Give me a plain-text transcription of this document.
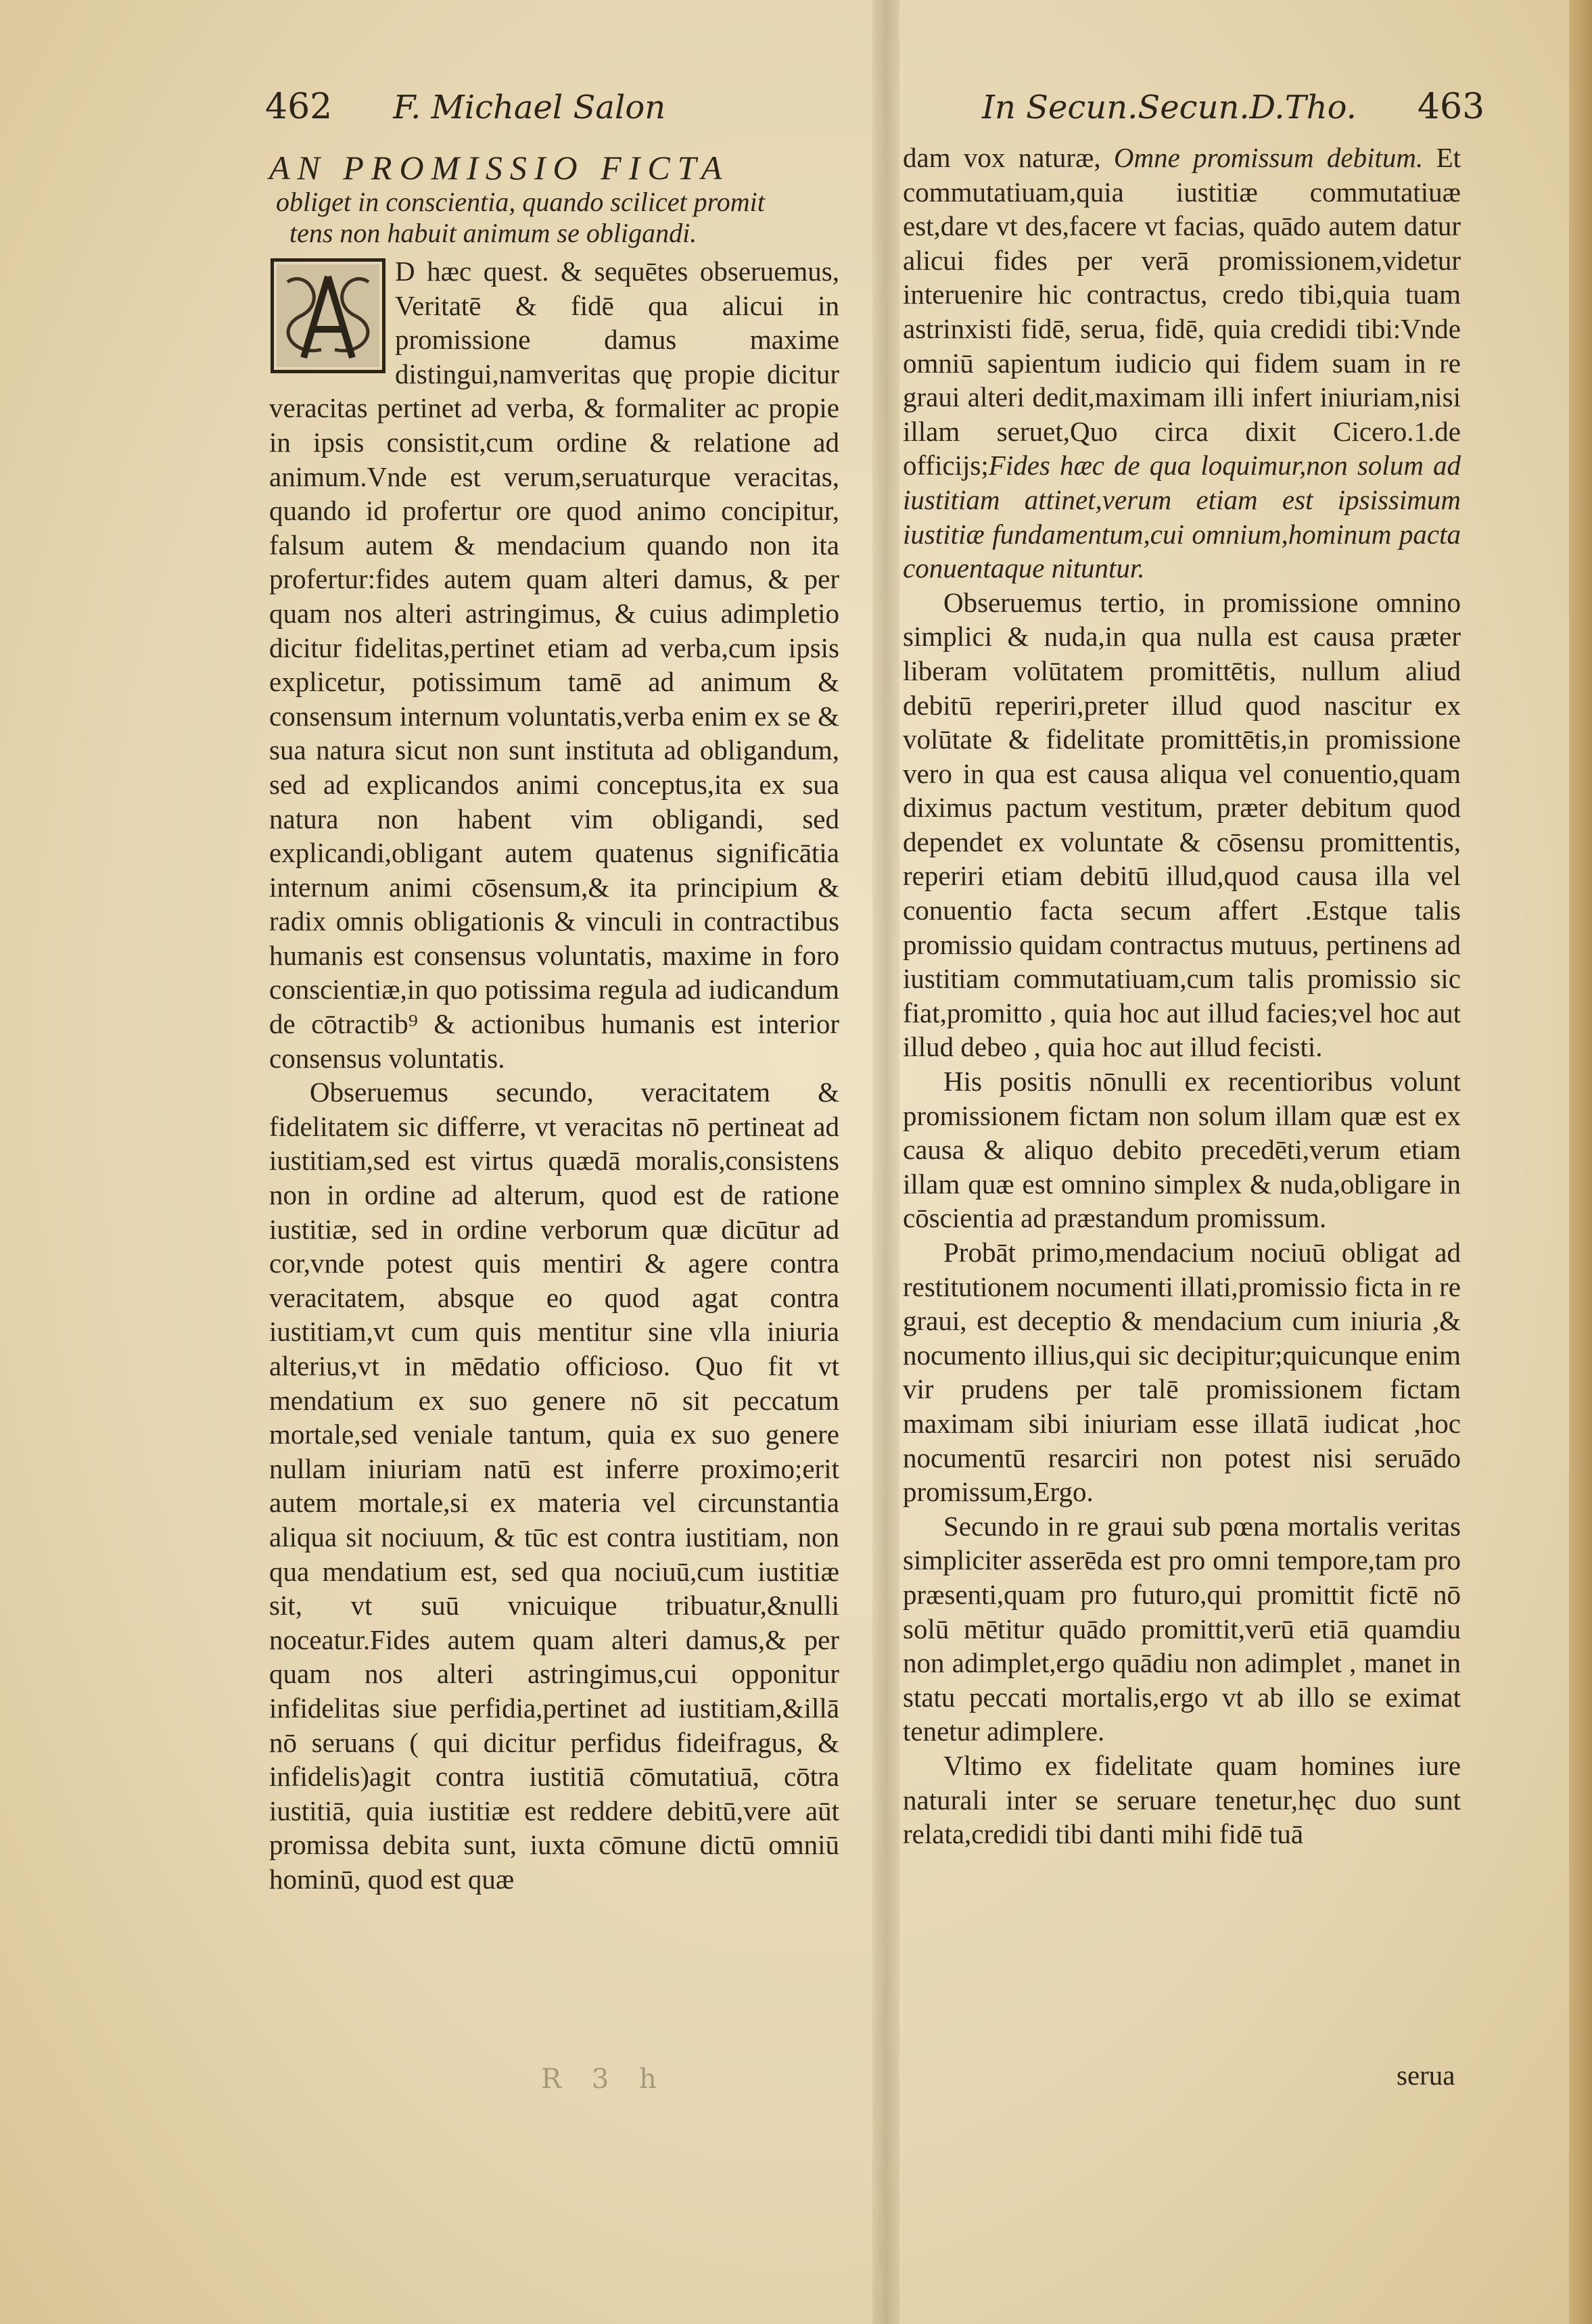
462 F. Michael Salon	In Secun.Secun.D.Tho. 463
AN PROMISSIO FICTA
obliget in conscientia, quando scilicet promit
tens non habuit animum se obligandi.

D hæc quest. & sequētes obseruemus, Veritatē & fidē qua alicui in promissione damus maxime distingui,namveritas quę propie dicitur veracitas pertinet ad verba, & formaliter ac propie in ipsis consistit,cum ordine & relatione ad animum.Vnde est verum,seruaturque veracitas, quando id profertur ore quod animo concipitur, falsum autem & mendacium quando non ita profertur:fides autem quam alteri damus, & per quam nos alteri astringimus, & cuius adimpletio dicitur fidelitas,pertinet etiam ad verba,cum ipsis explicetur, potissimum tamē ad animum & consensum internum voluntatis,verba enim ex se & sua natura sicut non sunt instituta ad obligandum, sed ad explicandos animi conceptus,ita ex sua natura non habent vim obligandi, sed explicandi,obligant autem quatenus significātia internum animi cōsensum,& ita principium & radix omnis obligationis & vinculi in contractibus humanis est consensus voluntatis, maxime in foro conscientiæ,in quo potissima regula ad iudicandum de cōtractib⁹ & actionibus humanis est interior consensus voluntatis.

Obseruemus secundo, veracitatem & fidelitatem sic differre, vt veracitas nō pertineat ad iustitiam,sed est virtus quædā moralis,consistens non in ordine ad alterum, quod est de ratione iustitiæ, sed in ordine verborum quæ dicūtur ad cor,vnde potest quis mentiri & agere contra veracitatem, absque eo quod agat contra iustitiam,vt cum quis mentitur sine vlla iniuria alterius,vt in mēdatio officioso. Quo fit vt mendatium ex suo genere nō sit peccatum mortale,sed veniale tantum, quia ex suo genere nullam iniuriam natū est inferre proximo;erit autem mortale,si ex materia vel circunstantia aliqua sit nociuum, & tūc est contra iustitiam, non qua mendatium est, sed qua nociuū,cum iustitiæ sit, vt suū vnicuique tribuatur,&nulli noceatur.Fides autem quam alteri damus,& per quam nos alteri astringimus,cui opponitur infidelitas siue perfidia,pertinet ad iustitiam,&illā nō seruans ( qui dicitur perfidus fideifragus, & infidelis)agit contra iustitiā cōmutatiuā, cōtra iustitiā, quia iustitiæ est reddere debitū,vere aūt promissa debita sunt, iuxta cōmune dictū omniū hominū, quod est quæ

R 3 h

dam vox naturæ, Omne promissum debitum. Et commutatiuam,quia iustitiæ commutatiuæ est,dare vt des,facere vt facias, quādo autem datur alicui fides per verā promissionem,videtur interuenire hic contractus, credo tibi,quia tuam astrinxisti fidē, serua, fidē, quia credidi tibi:Vnde omniū sapientum iudicio qui fidem suam in re graui alteri dedit,maximam illi infert iniuriam,nisi illam seruet,Quo circa dixit Cicero.1.de officijs;Fides hæc de qua loquimur,non solum ad iustitiam attinet,verum etiam est ipsissimum iustitiæ fundamentum,cui omnium,hominum pacta conuentaque nituntur.

Obseruemus tertio, in promissione omnino simplici & nuda,in qua nulla est causa præter liberam volūtatem promittētis, nullum aliud debitū reperiri,preter illud quod nascitur ex volūtate & fidelitate promittētis,in promissione vero in qua est causa aliqua vel conuentio,quam diximus pactum vestitum, præter debitum quod dependet ex voluntate & cōsensu promittentis, reperiri etiam debitū illud,quod causa illa vel conuentio facta secum affert .Estque talis promissio quidam contractus mutuus, pertinens ad iustitiam commutatiuam,cum talis promissio sic fiat,promitto , quia hoc aut illud facies;vel hoc aut illud debeo , quia hoc aut illud fecisti.

His positis nōnulli ex recentioribus volunt promissionem fictam non solum illam quæ est ex causa & aliquo debito precedēti,verum etiam illam quæ est omnino simplex & nuda,obligare in cōscientia ad præstandum promissum.

Probāt primo,mendacium nociuū obligat ad restitutionem nocumenti illati,promissio ficta in re graui, est deceptio & mendacium cum iniuria ,& nocumento illius,qui sic decipitur;quicunque enim vir prudens per talē promissionem fictam maximam sibi iniuriam esse illatā iudicat ,hoc nocumentū resarciri non potest nisi seruādo promissum,Ergo.

Secundo in re graui sub pœna mortalis veritas simpliciter asserēda est pro omni tempore,tam pro præsenti,quam pro futuro,qui promittit fictē nō solū mētitur quādo promittit,verū etiā quamdiu non adimplet,ergo quādiu non adimplet , manet in statu peccati mortalis,ergo vt ab illo se eximat tenetur adimplere.

Vltimo ex fidelitate quam homines iure naturali inter se seruare tenetur,hęc duo sunt relata,credidi tibi danti mihi fidē tuā

serua
